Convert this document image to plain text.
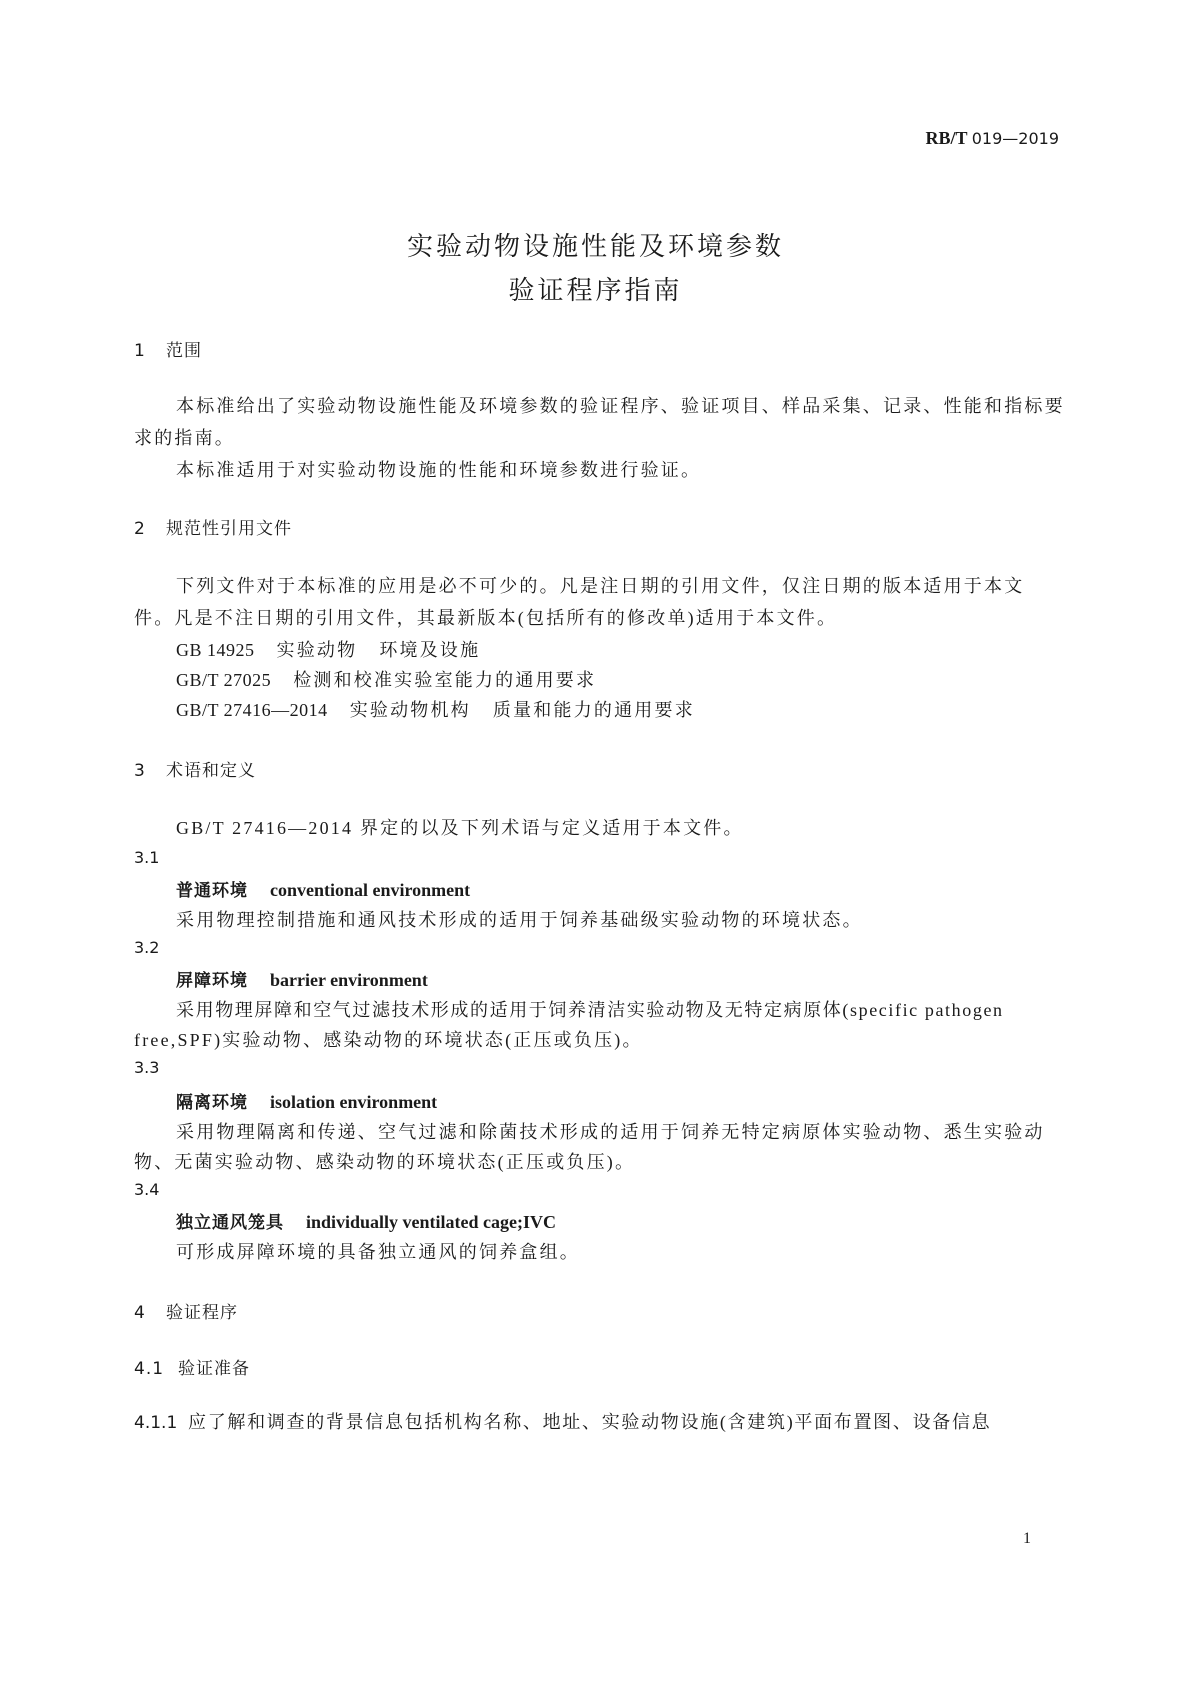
RB/T 019—2019
实验动物设施性能及环境参数
验证程序指南
1 范围
本标准给出了实验动物设施性能及环境参数的验证程序、验证项目、样品采集、记录、性能和指标要
求的指南。
本标准适用于对实验动物设施的性能和环境参数进行验证。
2 规范性引用文件
下列文件对于本标准的应用是必不可少的。凡是注日期的引用文件，仅注日期的版本适用于本文
件。凡是不注日期的引用文件，其最新版本(包括所有的修改单)适用于本文件。
GB 14925 实验动物 环境及设施
GB/T 27025 检测和校准实验室能力的通用要求
GB/T 27416—2014 实验动物机构 质量和能力的通用要求
3 术语和定义
GB/T 27416—2014 界定的以及下列术语与定义适用于本文件。
3.1
普通环境 conventional environment
采用物理控制措施和通风技术形成的适用于饲养基础级实验动物的环境状态。
3.2
屏障环境 barrier environment
采用物理屏障和空气过滤技术形成的适用于饲养清洁实验动物及无特定病原体(specific pathogen
free,SPF)实验动物、感染动物的环境状态(正压或负压)。
3.3
隔离环境 isolation environment
采用物理隔离和传递、空气过滤和除菌技术形成的适用于饲养无特定病原体实验动物、悉生实验动
物、无菌实验动物、感染动物的环境状态(正压或负压)。
3.4
独立通风笼具 individually ventilated cage;IVC
可形成屏障环境的具备独立通风的饲养盒组。
4 验证程序
4.1 验证准备
4.1.1 应了解和调查的背景信息包括机构名称、地址、实验动物设施(含建筑)平面布置图、设备信息
1
